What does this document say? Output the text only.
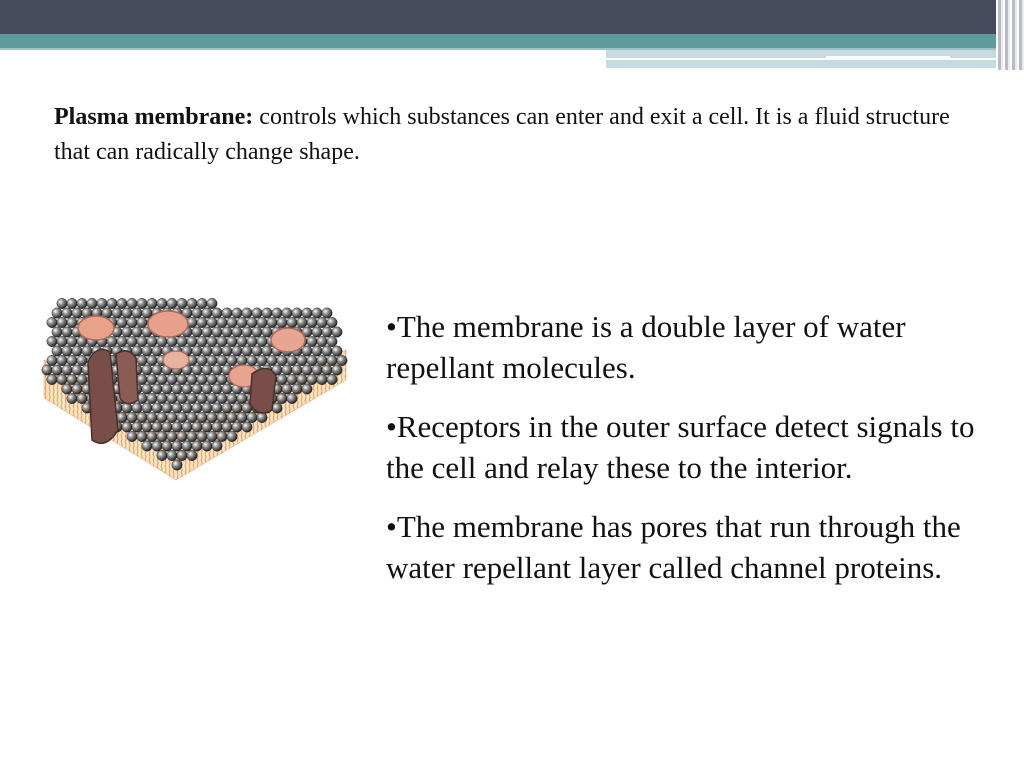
Plasma membrane: controls which substances can enter and exit a cell. It is a fluid structure that can radically change shape.

•The membrane is a double layer of water repellant molecules.
•Receptors in the outer surface detect signals to the cell and relay these to the interior.
•The membrane has pores that run through the water repellant layer called channel proteins.
